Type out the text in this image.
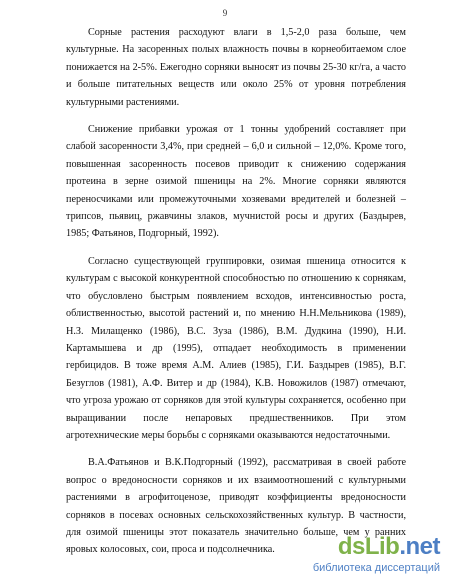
9

Сорные растения расходуют влаги в 1,5-2,0 раза больше, чем культурные. На засоренных полых влажность почвы в корнеобитаемом слое понижается на 2-5%. Ежегодно сорняки выносят из почвы 25-30 кг/га, а часто и больше питательных веществ или около 25% от уровня потребления культурными растениями.

Снижение прибавки урожая от 1 тонны удобрений составляет при слабой засоренности 3,4%, при средней – 6,0 и сильной – 12,0%. Кроме того, повышенная засоренность посевов приводит к снижению содержания протеина в зерне озимой пшеницы на 2%. Многие сорняки являются переносчиками или промежуточными хозяевами вредителей и болезней – трипсов, пьявиц, ржавчины злаков, мучнистой росы и других (Баздырев, 1985; Фатьянов, Подгорный, 1992).

Согласно существующей группировки, озимая пшеница относится к культурам с высокой конкурентной способностью по отношению к сорнякам, что обусловлено быстрым появлением всходов, интенсивностью роста, облиственностью, высотой растений и, по мнению Н.Н.Мельникова (1989), Н.З. Милащенко (1986), В.С. Зуза (1986), В.М. Дудкина (1990), Н.И. Картамышева и др (1995), отпадает необходимость в применении гербицидов. В тоже время А.М. Алиев (1985), Г.И. Баздырев (1985), В.Г. Безуглов (1981), А.Ф. Витер и др (1984), К.В. Новожилов (1987) отмечают, что угроза урожаю от сорняков для этой культуры сохраняется, особенно при выращивании после непаровых предшественников. При этом агротехнические меры борьбы с сорняками оказываются недостаточными.

В.А.Фатьянов и В.К.Подгорный (1992), рассматривая в своей работе вопрос о вредоносности сорняков и их взаимоотношений с культурными растениями в агрофитоценозе, приводят коэффициенты вредоносности сорняков в посевах основных сельскохозяйственных культур. В частности, для озимой пшеницы этот показатель значительно больше, чем у ранних яровых колосовых, сои, проса и подсолнечника.	dsLib.net
библиотека диссертаций
